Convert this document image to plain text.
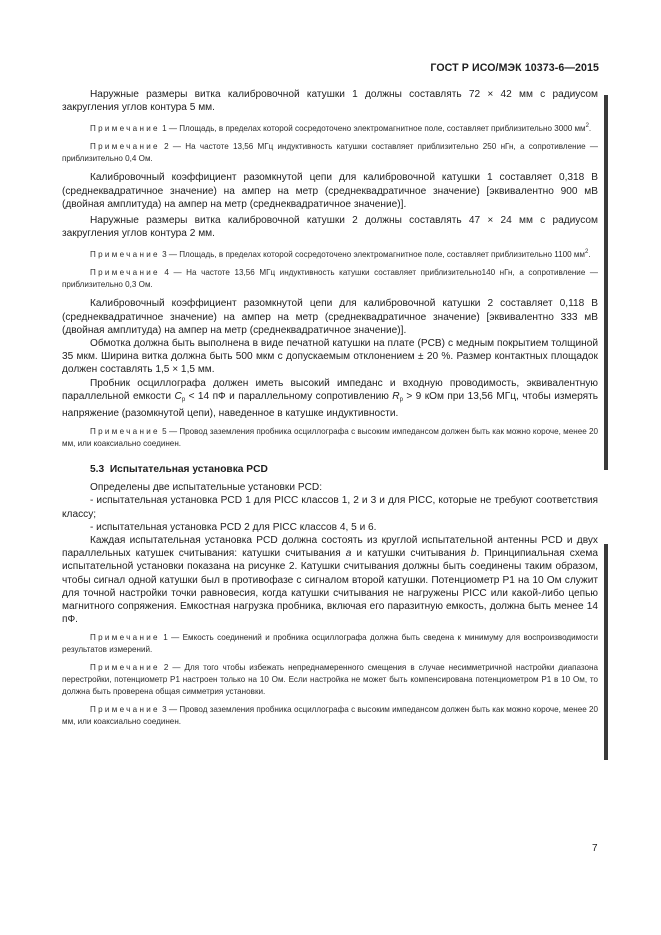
ГОСТ Р ИСО/МЭК 10373-6—2015

Наружные размеры витка калибровочной катушки 1 должны составлять 72 × 42 мм с радиусом закругления углов контура 5 мм.

Примечание 1 — Площадь, в пределах которой сосредоточено электромагнитное поле, составляет приблизительно 3000 $мм^2$.

Примечание 2 — На частоте 13,56 МГц индуктивность катушки составляет приблизительно 250 нГн, а сопротивление — приблизительно 0,4 Ом.

Калибровочный коэффициент разомкнутой цепи для калибровочной катушки 1 составляет 0,318 В (среднеквадратичное значение) на ампер на метр (среднеквадратичное значение) [эквивалентно 900 мВ (двойная амплитуда) на ампер на метр (среднеквадратичное значение)].

Наружные размеры витка калибровочной катушки 2 должны составлять 47 × 24 мм с радиусом закругления углов контура 2 мм.

Примечание 3 — Площадь, в пределах которой сосредоточено электромагнитное поле, составляет приблизительно 1100 $мм^2$.

Примечание 4 — На частоте 13,56 МГц индуктивность катушки составляет приблизительно140 нГн, а сопротивление — приблизительно 0,3 Ом.

Калибровочный коэффициент разомкнутой цепи для калибровочной катушки 2 составляет 0,118 В (среднеквадратичное значение) на ампер на метр (среднеквадратичное значение) [эквивалентно 333 мВ (двойная амплитуда) на ампер на метр (среднеквадратичное значение)].

Обмотка должна быть выполнена в виде печатной катушки на плате (PCB) с медным покрытием толщиной 35 мкм. Ширина витка должна быть 500 мкм с допускаемым отклонением ± 20 %. Размер контактных площадок должен составлять 1,5 × 1,5 мм.

Пробник осциллографа должен иметь высокий импеданс и входную проводимость, эквивалентную параллельной емкости $C_p < 14$ пФ и параллельному сопротивлению $R_p > 9$ кОм при 13,56 МГц, чтобы измерять напряжение (разомкнутой цепи), наведенное в катушке индуктивности.

Примечание 5 — Провод заземления пробника осциллографа с высоким импедансом должен быть как можно короче, менее 20 мм, или коаксиально соединен.

5.3 Испытательная установка PCD

Определены две испытательные установки PCD:

- испытательная установка PCD 1 для PICC классов 1, 2 и 3 и для PICC, которые не требуют соответствия классу;

- испытательная установка PCD 2 для PICC классов 4, 5 и 6.

Каждая испытательная установка PCD должна состоять из круглой испытательной антенны PCD и двух параллельных катушек считывания: катушки считывания a и катушки считывания b. Принципиальная схема испытательной установки показана на рисунке 2. Катушки считывания должны быть соединены таким образом, чтобы сигнал одной катушки был в противофазе с сигналом второй катушки. Потенциометр P1 на 10 Ом служит для точной настройки точки равновесия, когда катушки считывания не нагружены PICC или какой-либо цепью магнитного сопряжения. Емкостная нагрузка пробника, включая его паразитную емкость, должна быть менее 14 пФ.

Примечание 1 — Емкость соединений и пробника осциллографа должна быть сведена к минимуму для воспроизводимости результатов измерений.

Примечание 2 — Для того чтобы избежать непреднамеренного смещения в случае несимметричной настройки диапазона перестройки, потенциометр P1 настроен только на 10 Ом. Если настройка не может быть компенсирована потенциометром P1 в 10 Ом, то должна быть проверена общая симметрия установки.

Примечание 3 — Провод заземления пробника осциллографа с высоким импедансом должен быть как можно короче, менее 20 мм, или коаксиально соединен.

7
